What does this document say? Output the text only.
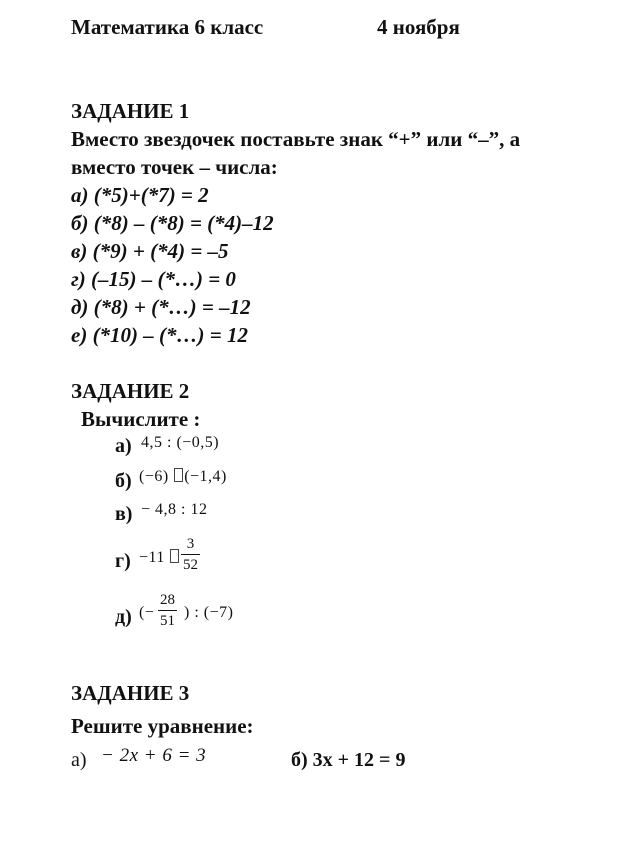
Математика 6 класс	4 ноября
ЗАДАНИЕ 1
Вместо звездочек поставьте знак “+” или “–”, а
вместо точек – числа:
а) (*5)+(*7) = 2
б) (*8) – (*8) = (*4)–12
в) (*9) + (*4) = –5
г) (–15) – (*…) = 0
д) (*8) + (*…) = –12
е) (*10) – (*…) = 12
ЗАДАНИЕ 2
Вычислите :
а) 4,5 : (−0,5)
б) (−6) (−1,4)
в) − 4,8 : 12
г) −11	$\frac{3}{52}$
д) (− $\frac{28}{51}$ ) : (−7)
ЗАДАНИЕ 3
Решите уравнение:
а) − 2x + 6 = 3	б) 3х + 12 = 9
